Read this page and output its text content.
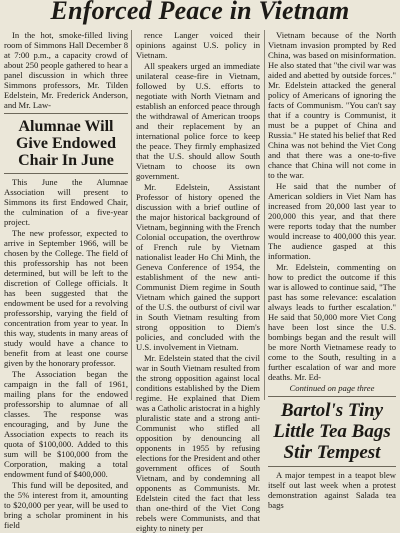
Enforced Peace in Vietnam

In the hot, smoke-filled living room of Simmons Hall December 8 at 7:00 p.m., a capacity crowd of about 250 people gathered to hear a panel discussion in which three Simmons professors, Mr. Tilden Edelstein, Mr. Frederick Anderson, and Mr. Law-

Alumnae Will Give Endowed Chair In June

This June the Alumnae Association will present to Simmons its first Endowed Chair, the culmination of a five-year project.

The new professor, expected to arrive in September 1966, will be chosen by the College. The field of this professorship has not been determined, but will be left to the discretion of College officials. It has been suggested that the endowment be used for a revolving professorship, varying the field of concentration from year to year. In this way, students in many areas of study would have a chance to benefit from at least one course given by the honorary professor.

The Association began the campaign in the fall of 1961, mailing plans for the endowed professorship to alumnae of all classes. The response was encouraging, and by June the Association expects to reach its quota of $100,000. Added to this sum will be $100,000 from the Corporation, making a total endowment fund of $400,000.

This fund will be deposited, and the 5% interest from it, amounting to $20,000 per year, will be used to bring a scholar prominent in his field

rence Langer voiced their opinions against U.S. policy in Vietnam.

All speakers urged an immediate unilateral cease-fire in Vietnam, followed by U.S. efforts to negotiate with North Vietnam and establish an enforced peace through the withdrawal of American troops and their replacement by an international police force to keep the peace. They firmly emphasized that the U.S. should allow South Vietnam to choose its own government.

Mr. Edelstein, Assistant Professor of history opened the discussion with a brief outline of the major historical background of Vietnam, beginning with the French Colonial occupation, the overthrow of French rule by Vietnam nationalist leader Ho Chi Minh, the Geneva Conference of 1954, the establishment of the new anti-Communist Diem regime in South Vietnam which gained the support of the U.S. the outburst of civil war in South Vietnam resulting from strong opposition to Diem's policies, and concluded with the U.S. involvement in Vietnam.

Mr. Edelstein stated that the civil war in South Vietnam resulted from the strong opposition against local conditions established by the Diem regime. He explained that Diem was a Catholic aristocrat in a highly pluralistic state and a strong anti-Communist who stifled all opposition by denouncing all opponents in 1955 by refusing elections for the President and other government offices of South Vietnam, and by condemning all opponents as Communists. Mr. Edelstein cited the fact that less than one-third of the Viet Cong rebels were Communists, and that eighty to ninety per

Vietnam because of the North Vietnam invasion prompted by Red China, was based on misinformation. He also stated that "the civil war was aided and abetted by outside forces." Mr. Edelstein attacked the general policy of Americans of ignoring the facts of Communism. "You can't say that if a country is Communist, it must be a puppet of China and Russia." He stated his belief that Red China was not behind the Viet Cong and that there was a one-to-five chance that China will not come in to the war.

He said that the number of American soldiers in Viet Nam has increased from 20,000 last year to 200,000 this year, and that there were reports today that the number would increase to 400,000 this year. The audience gasped at this information.

Mr. Edelstein, commenting on how to predict the outcome if this war is allowed to continue said, "The past has some relevance: escalation always leads to further escalation." He said that 50,000 more Viet Cong have been lost since the U.S. bombings began and the result will be more North Vietnamese ready to come to the South, resulting in a further escalation of war and more deaths. Mr. Ed-

Continued on page three
Bartol's Tiny Little Tea Bags Stir Tempest

A major tempest in a teapot blew itself out last week when a protest demonstration against Salada tea bags
